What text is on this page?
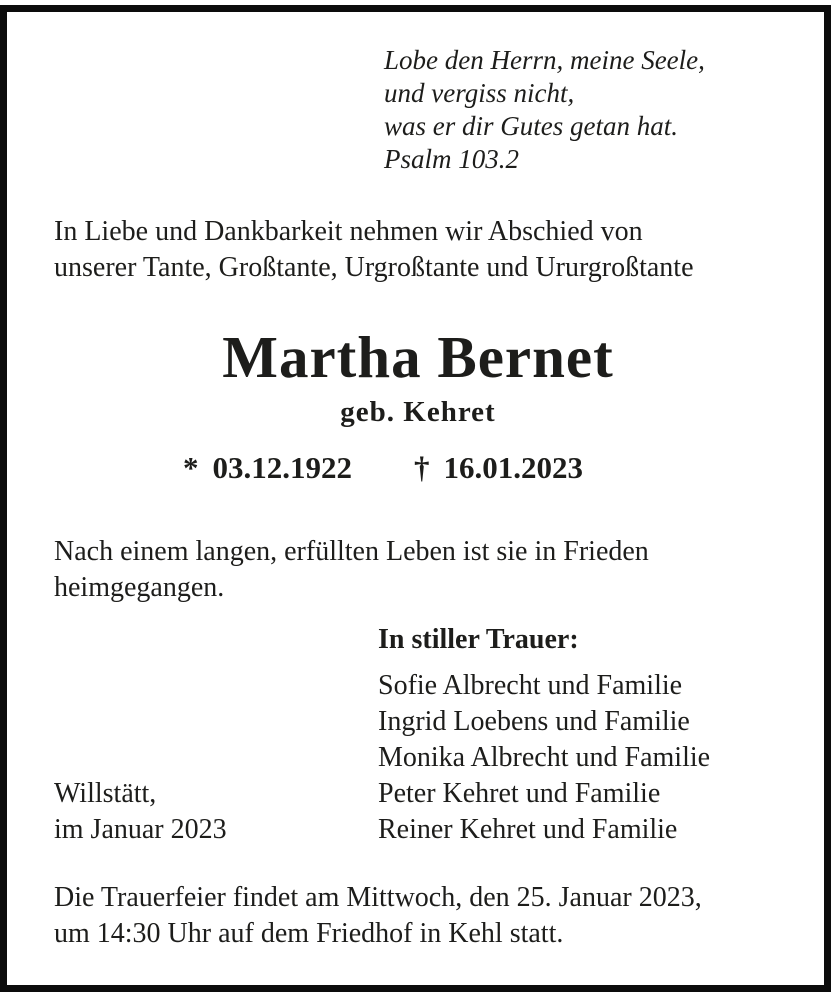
Lobe den Herrn, meine Seele,
und vergiss nicht,
was er dir Gutes getan hat.
Psalm 103.2
In Liebe und Dankbarkeit nehmen wir Abschied von
unserer Tante, Großtante, Urgroßtante und Ururgroßtante
Martha Bernet
geb. Kehret
* 03.12.1922 † 16.01.2023
Nach einem langen, erfüllten Leben ist sie in Frieden
heimgegangen.
In stiller Trauer:
Sofie Albrecht und Familie
Ingrid Loebens und Familie
Monika Albrecht und Familie
Peter Kehret und Familie
Reiner Kehret und Familie
Willstätt,
im Januar 2023
Die Trauerfeier findet am Mittwoch, den 25. Januar 2023,
um 14:30 Uhr auf dem Friedhof in Kehl statt.
